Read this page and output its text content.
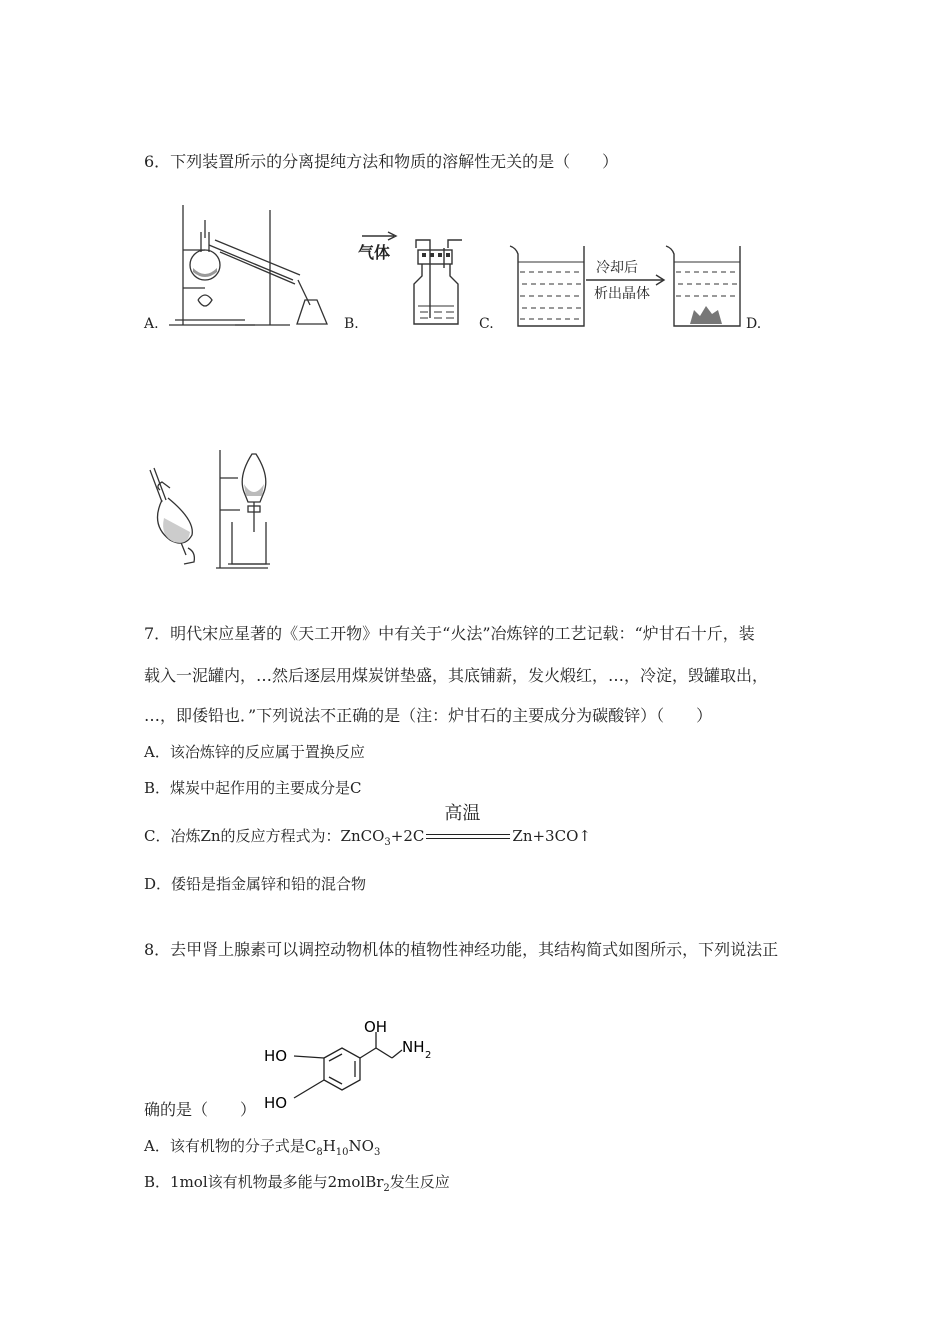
6．下列装置所示的分离提纯方法和物质的溶解性无关的是（　　）
A.
气体
B.
冷却后
析出晶体
C.	D.
7．明代宋应星著的《天工开物》中有关于“火法”冶炼锌的工艺记载：“炉甘石十斤，装
载入一泥罐内，…然后逐层用煤炭饼垫盛，其底铺薪，发火煅红，…，冷淀，毁罐取出，
…，即倭铅也．”下列说法不正确的是（注：炉甘石的主要成分为碳酸锌）（　　）
A．该冶炼锌的反应属于置换反应
B．煤炭中起作用的主要成分是C
C．冶炼Zn的反应方程式为：ZnCO$_3$+2C
高温
Zn+3CO↑
D．倭铅是指金属锌和铅的混合物
8．去甲肾上腺素可以调控动物机体的植物性神经功能，其结构简式如图所示，下列说法正
OH
NH 2
HO
HO
确的是（　　）
A．该有机物的分子式是$C_8H_{10}NO_3$
B．1mol该有机物最多能与2molBr$_2$发生反应
